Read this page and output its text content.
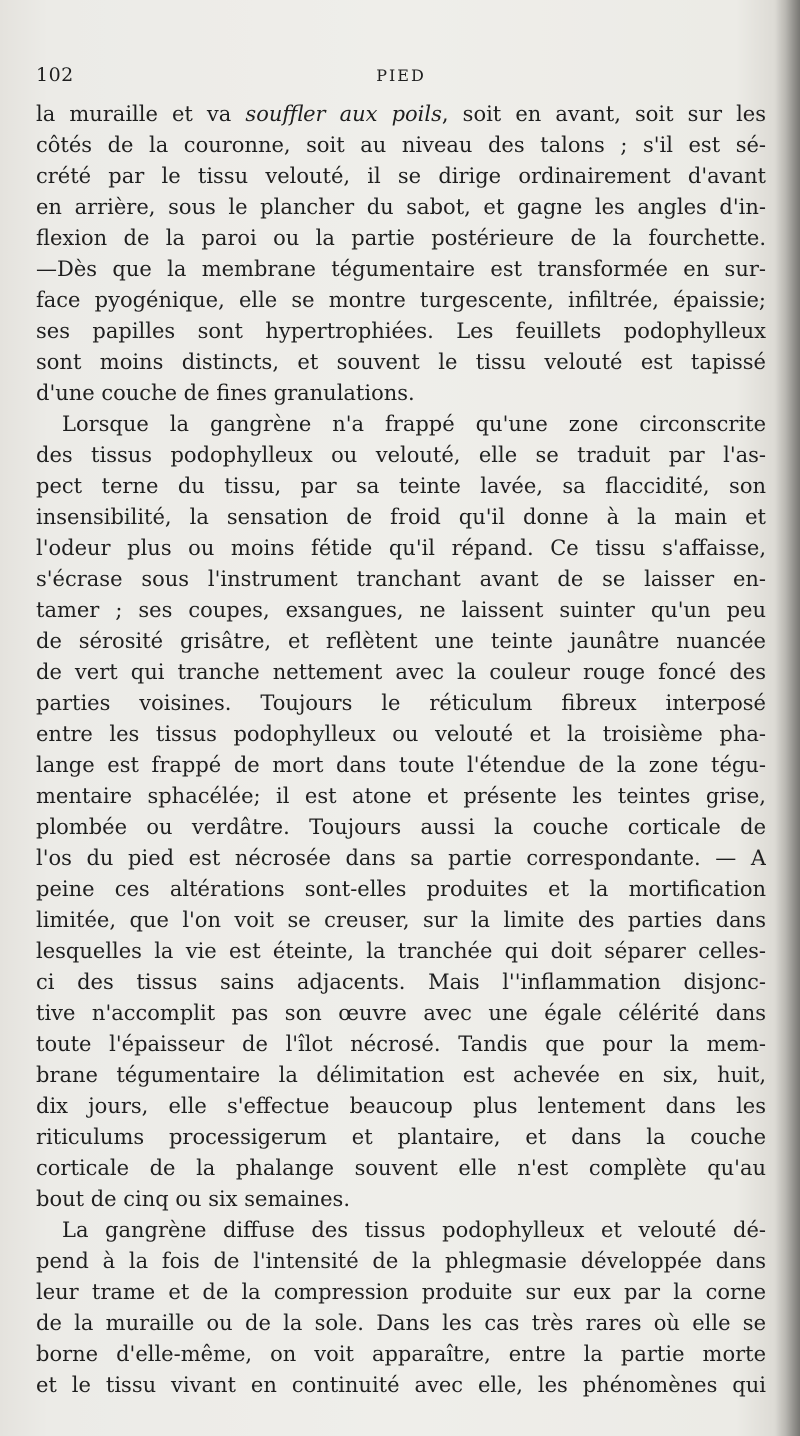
102	PIED
la muraille et va souffler aux poils, soit en avant, soit sur les
côtés de la couronne, soit au niveau des talons ; s'il est sé-
crété par le tissu velouté, il se dirige ordinairement d'avant
en arrière, sous le plancher du sabot, et gagne les angles d'in-
flexion de la paroi ou la partie postérieure de la fourchette.
—Dès que la membrane tégumentaire est transformée en sur-
face pyogénique, elle se montre turgescente, infiltrée, épaissie;
ses papilles sont hypertrophiées. Les feuillets podophylleux
sont moins distincts, et souvent le tissu velouté est tapissé
d'une couche de fines granulations.
Lorsque la gangrène n'a frappé qu'une zone circonscrite
des tissus podophylleux ou velouté, elle se traduit par l'as-
pect terne du tissu, par sa teinte lavée, sa flaccidité, son
insensibilité, la sensation de froid qu'il donne à la main et
l'odeur plus ou moins fétide qu'il répand. Ce tissu s'affaisse,
s'écrase sous l'instrument tranchant avant de se laisser en-
tamer ; ses coupes, exsangues, ne laissent suinter qu'un peu
de sérosité grisâtre, et reflètent une teinte jaunâtre nuancée
de vert qui tranche nettement avec la couleur rouge foncé des
parties voisines. Toujours le réticulum fibreux interposé
entre les tissus podophylleux ou velouté et la troisième pha-
lange est frappé de mort dans toute l'étendue de la zone tégu-
mentaire sphacélée; il est atone et présente les teintes grise,
plombée ou verdâtre. Toujours aussi la couche corticale de
l'os du pied est nécrosée dans sa partie correspondante. — A
peine ces altérations sont-elles produites et la mortification
limitée, que l'on voit se creuser, sur la limite des parties dans
lesquelles la vie est éteinte, la tranchée qui doit séparer celles-
ci des tissus sains adjacents. Mais l''inflammation disjonc-
tive n'accomplit pas son œuvre avec une égale célérité dans
toute l'épaisseur de l'îlot nécrosé. Tandis que pour la mem-
brane tégumentaire la délimitation est achevée en six, huit,
dix jours, elle s'effectue beaucoup plus lentement dans les
riticulums processigerum et plantaire, et dans la couche
corticale de la phalange souvent elle n'est complète qu'au
bout de cinq ou six semaines.
La gangrène diffuse des tissus podophylleux et velouté dé-
pend à la fois de l'intensité de la phlegmasie développée dans
leur trame et de la compression produite sur eux par la corne
de la muraille ou de la sole. Dans les cas très rares où elle se
borne d'elle-même, on voit apparaître, entre la partie morte
et le tissu vivant en continuité avec elle, les phénomènes qui
